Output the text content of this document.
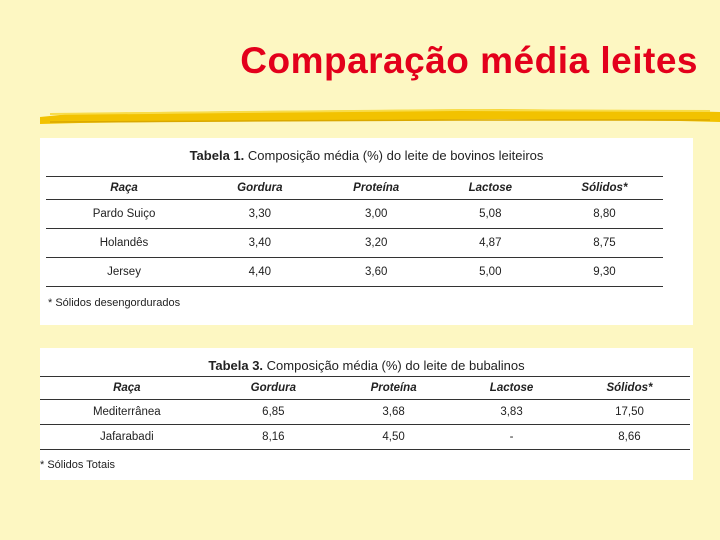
Comparação média leites
Tabela 1. Composição média (%) do leite de bovinos leiteiros
Raça	Gordura	Proteína	Lactose	Sólidos*
Pardo Suiço	3,30	3,00	5,08	8,80
Holandês	3,40	3,20	4,87	8,75
Jersey	4,40	3,60	5,00	9,30
* Sólidos desengordurados
Tabela 3. Composição média (%) do leite de bubalinos
Raça	Gordura	Proteína	Lactose	Sólidos*
Mediterrânea	6,85	3,68	3,83	17,50
Jafarabadi	8,16	4,50	-	8,66
* Sólidos Totais
